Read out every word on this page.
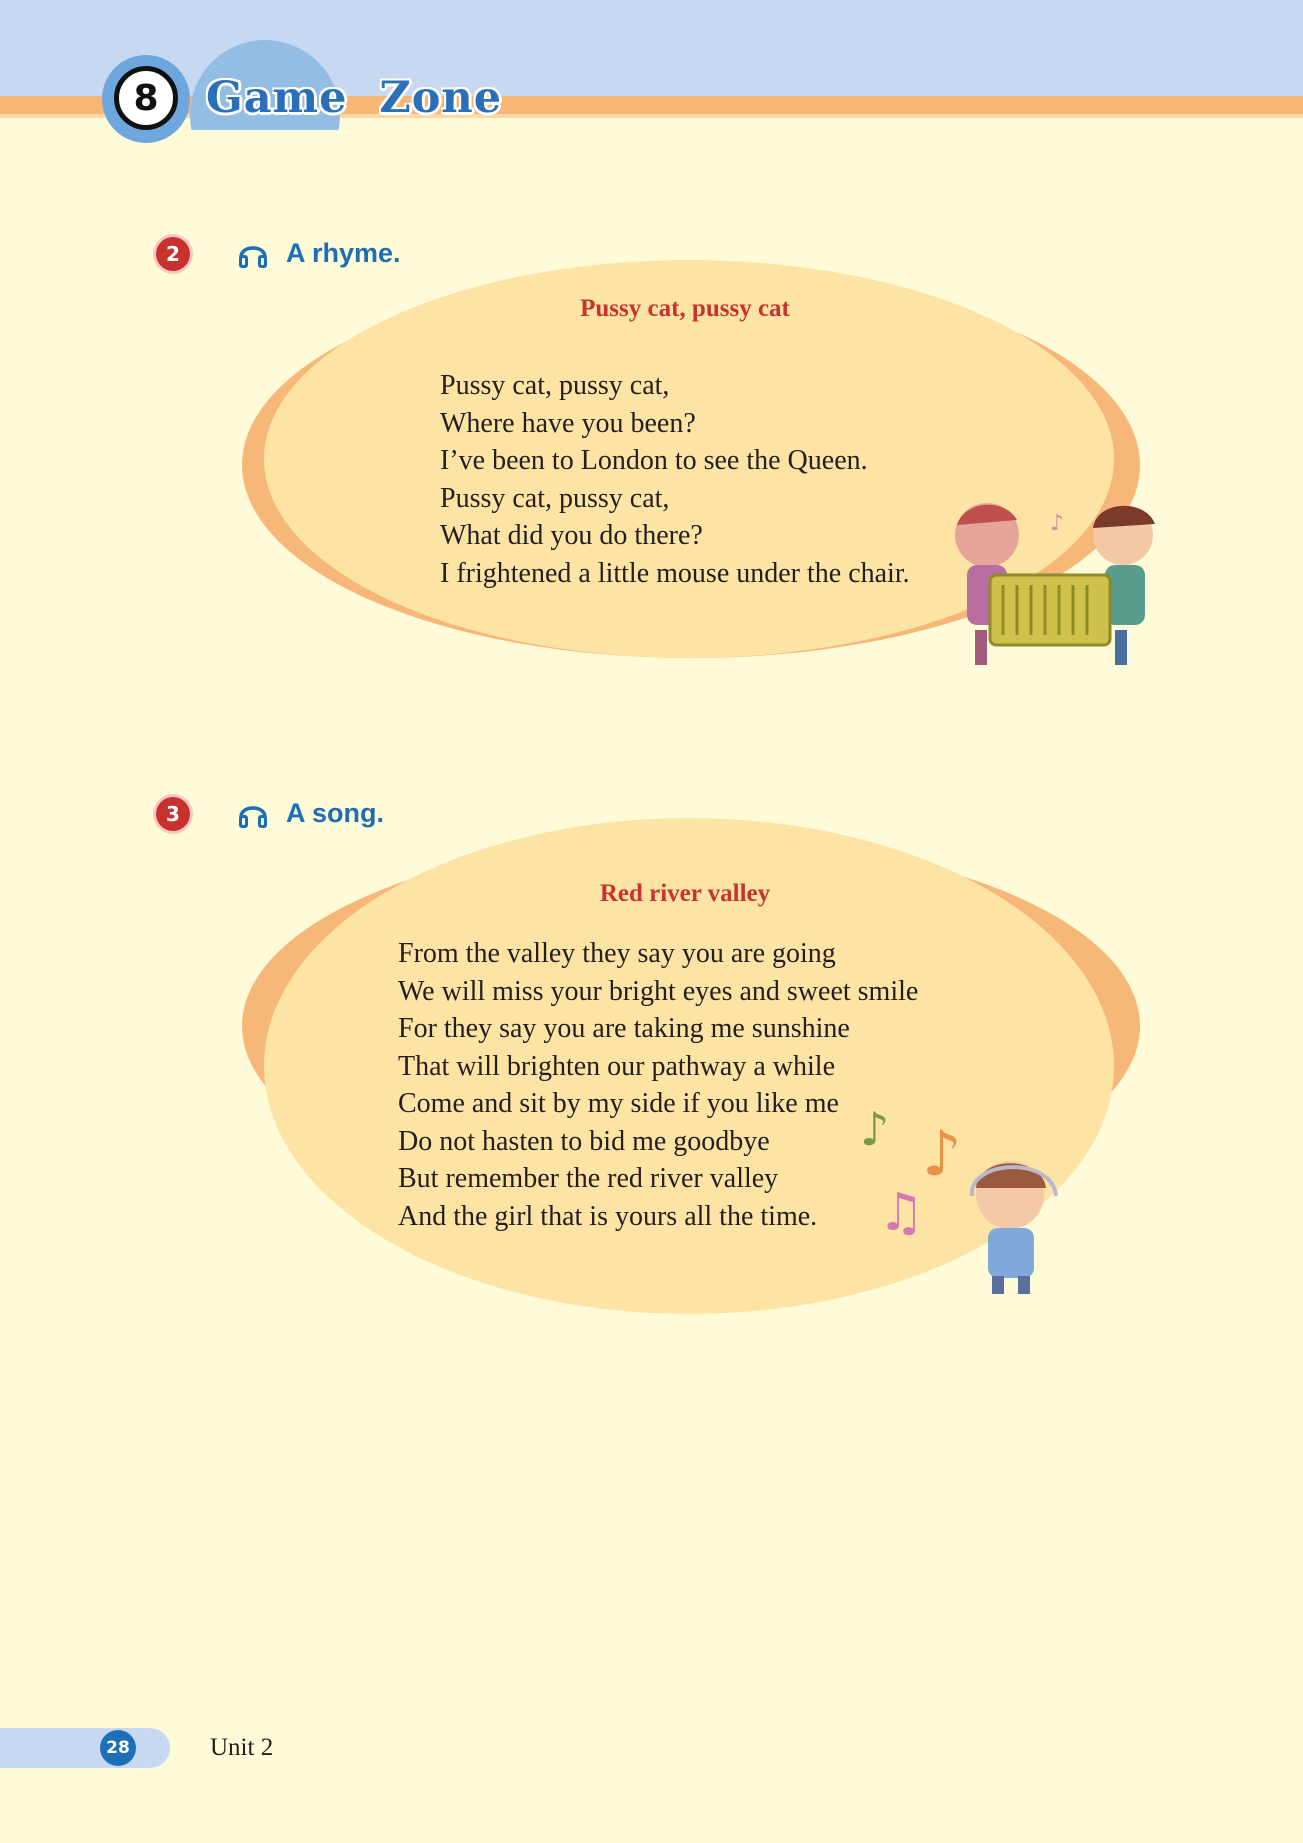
8	Game  Zone
2	A rhyme.
Pussy cat, pussy cat

Pussy cat, pussy cat,

Where have you been?

I’ve been to London to see the Queen.

Pussy cat, pussy cat,

What did you do there?

I frightened a little mouse under the chair.

♪
3	A song.
Red river valley

From the valley they say you are going

We will miss your bright eyes and sweet smile

For they say you are taking me sunshine

That will brighten our pathway a while

Come and sit by my side if you like me

Do not hasten to bid me goodbye

But remember the red river valley

And the girl that is yours all the time.

♪ ♪
♫
28	Unit 2
